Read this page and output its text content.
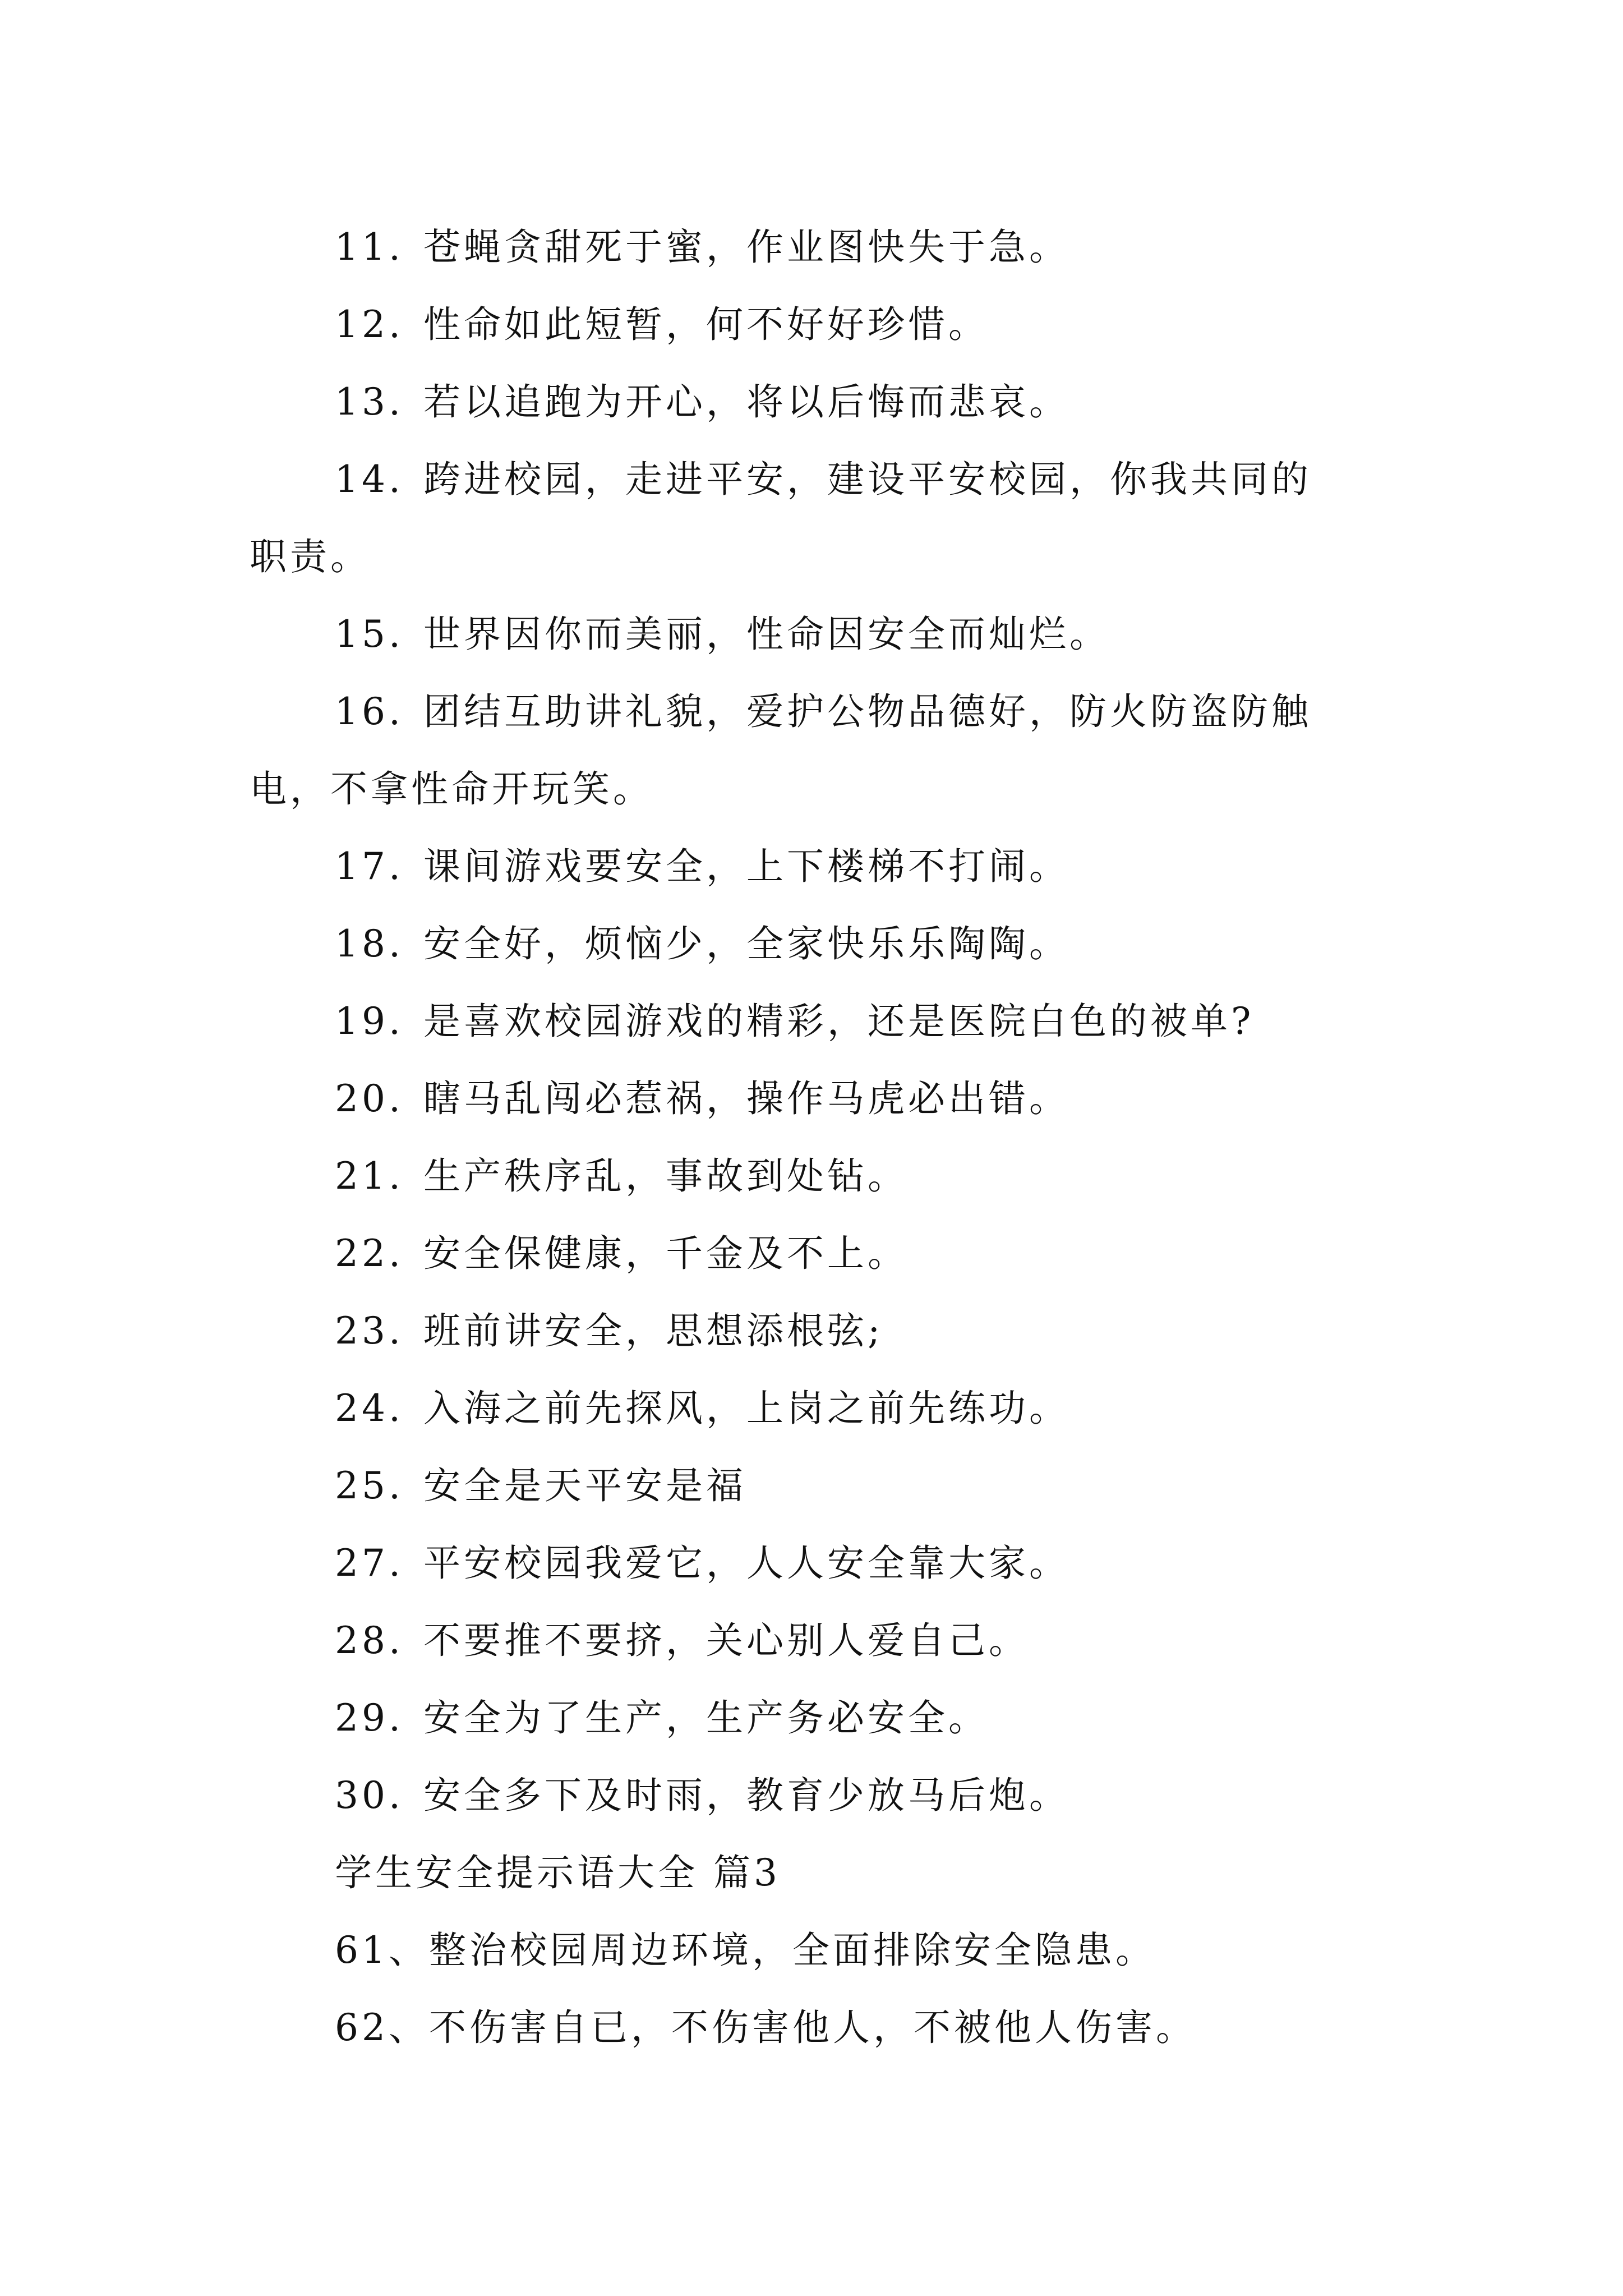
11. 苍蝇贪甜死于蜜，作业图快失于急。
12. 性命如此短暂，何不好好珍惜。
13. 若以追跑为开心，将以后悔而悲哀。
14. 跨进校园，走进平安，建设平安校园，你我共同的
职责。
15. 世界因你而美丽，性命因安全而灿烂。
16. 团结互助讲礼貌，爱护公物品德好，防火防盗防触
电，不拿性命开玩笑。
17. 课间游戏要安全，上下楼梯不打闹。
18. 安全好，烦恼少，全家快乐乐陶陶。
19. 是喜欢校园游戏的精彩，还是医院白色的被单?
20. 瞎马乱闯必惹祸，操作马虎必出错。
21. 生产秩序乱，事故到处钻。
22. 安全保健康，千金及不上。
23. 班前讲安全，思想添根弦;
24. 入海之前先探风，上岗之前先练功。
25. 安全是天平安是福
27. 平安校园我爱它，人人安全靠大家。
28. 不要推不要挤，关心别人爱自己。
29. 安全为了生产，生产务必安全。
30. 安全多下及时雨，教育少放马后炮。
学生安全提示语大全 篇3
61、整治校园周边环境，全面排除安全隐患。
62、不伤害自已，不伤害他人，不被他人伤害。
